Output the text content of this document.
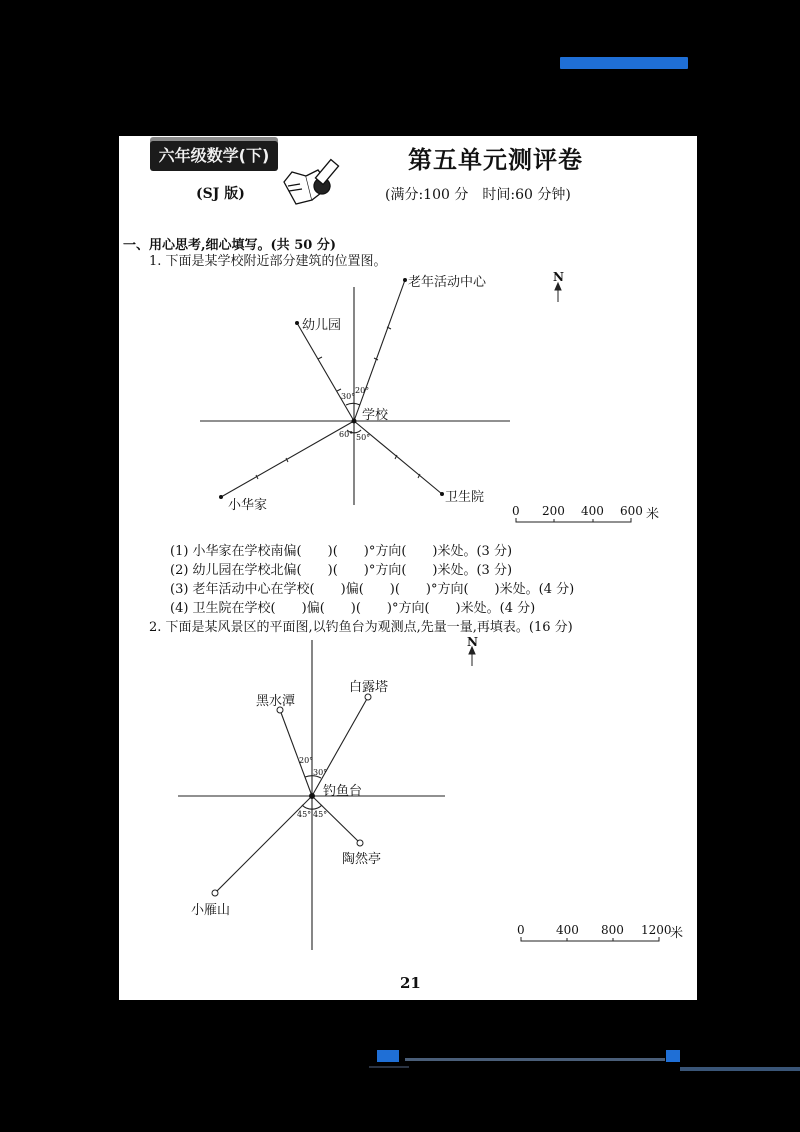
六年级数学(下)
(SJ 版)
第五单元测评卷
(满分:100 分　时间:60 分钟)
一、用心思考,细心填写。(共 50 分)
1. 下面是某学校附近部分建筑的位置图。
老年活动中心
幼儿园
小华家
卫生院
学校
30°
20°
60° 50°
N
0 200 400 600 米
(1) 小华家在学校南偏(　　)(　　)°方向(　　)米处。(3 分)
(2) 幼儿园在学校北偏(　　)(　　)°方向(　　)米处。(3 分)
(3) 老年活动中心在学校(　　)偏(　　)(　　)°方向(　　)米处。(4 分)
(4) 卫生院在学校(　　)偏(　　)(　　)°方向(　　)米处。(4 分)
2. 下面是某风景区的平面图,以钓鱼台为观测点,先量一量,再填表。(16 分)
白露塔
黑水潭
陶然亭
小雁山
钓鱼台
20°
30°
45° 45°
N
0	400 800 1200
米
21
